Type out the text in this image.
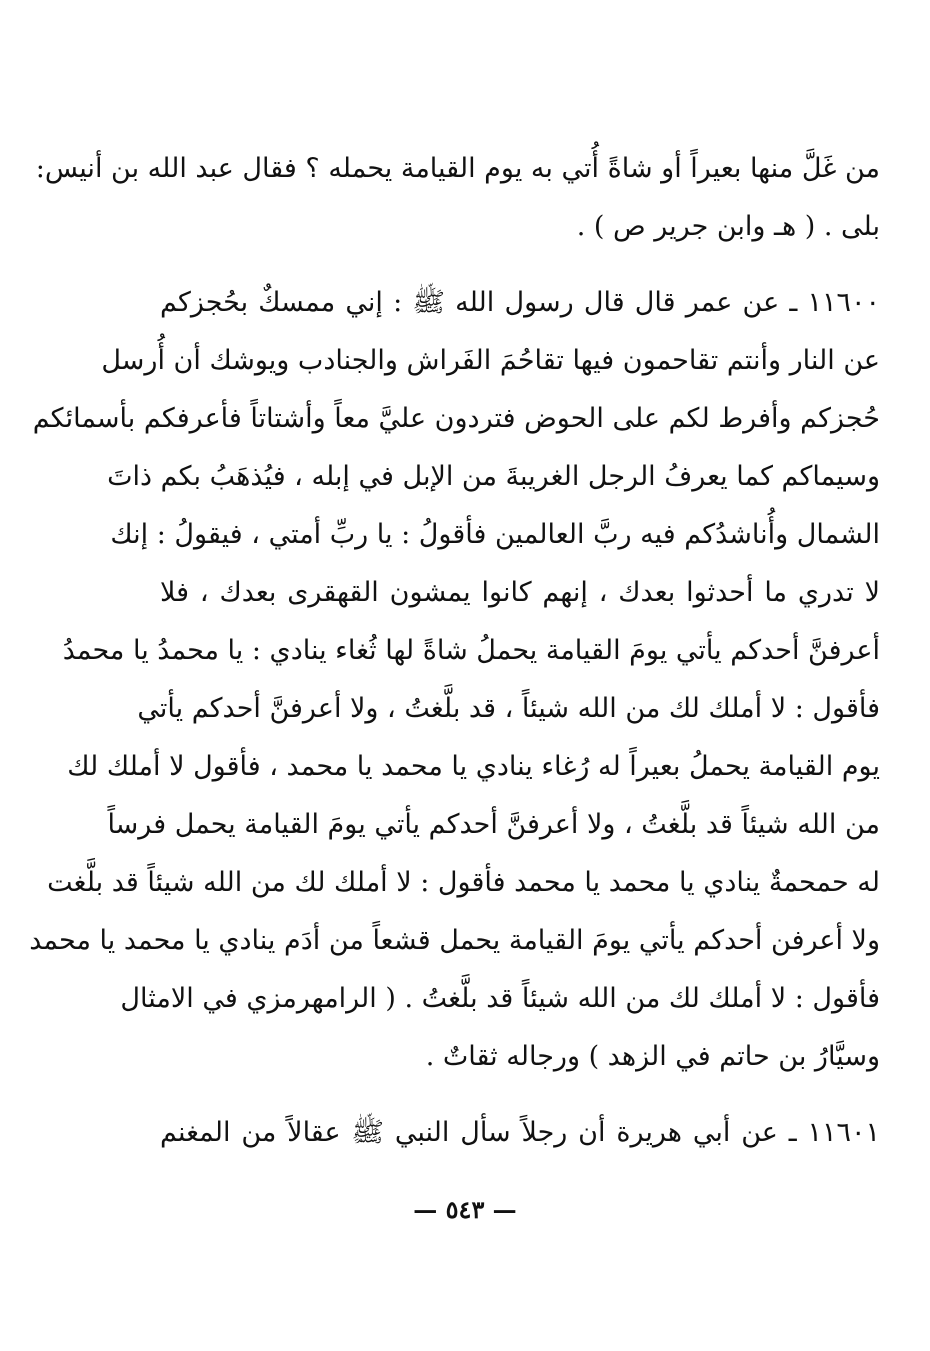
من غَلَّ منها بعيراً أو شاةً أُتي به يوم القيامة يحمله ؟ فقال عبد الله بن أنيس:
بلى . ( هـ وابن جرير ص ) .
١١٦٠٠ ـ عن عمر قال قال رسول الله ﷺ : إني ممسكٌ بحُجزكم
عن النار وأنتم تقاحمون فيها تقاحُمَ الفَراش والجنادب ويوشك أن أُرسل
حُجزكم وأفرط لكم على الحوض فتردون عليَّ معاً وأشتاتاً فأعرفكم بأسمائكم
وسيماكم كما يعرفُ الرجل الغريبةَ من الإبل في إبله ، فيُذهَبُ بكم ذاتَ
الشمال وأُناشدُكم فيه ربَّ العالمين فأقولُ : يا ربِّ أمتي ، فيقولُ : إنك
لا تدري ما أحدثوا بعدك ، إنهم كانوا يمشون القهقرى بعدك ، فلا
أعرفنَّ أحدكم يأتي يومَ القيامة يحملُ شاةً لها ثُغاء ينادي : يا محمدُ يا محمدُ
فأقول : لا أملك لك من الله شيئاً ، قد بلَّغتُ ، ولا أعرفنَّ أحدكم يأتي
يوم القيامة يحملُ بعيراً له رُغاء ينادي يا محمد يا محمد ، فأقول لا أملك لك
من الله شيئاً قد بلَّغتُ ، ولا أعرفنَّ أحدكم يأتي يومَ القيامة يحمل فرساً
له حمحمةٌ ينادي يا محمد يا محمد فأقول : لا أملك لك من الله شيئاً قد بلَّغت
ولا أعرفن أحدكم يأتي يومَ القيامة يحمل قشعاً من أدَم ينادي يا محمد يا محمد
فأقول : لا أملك لك من الله شيئاً قد بلَّغتُ . ( الرامهرمزي في الامثال
وسيَّارُ بن حاتم في الزهد ) ورجاله ثقاتٌ .
١١٦٠١ ـ عن أبي هريرة أن رجلاً سأل النبي ﷺ عقالاً من المغنم
— ٥٤٣ —
